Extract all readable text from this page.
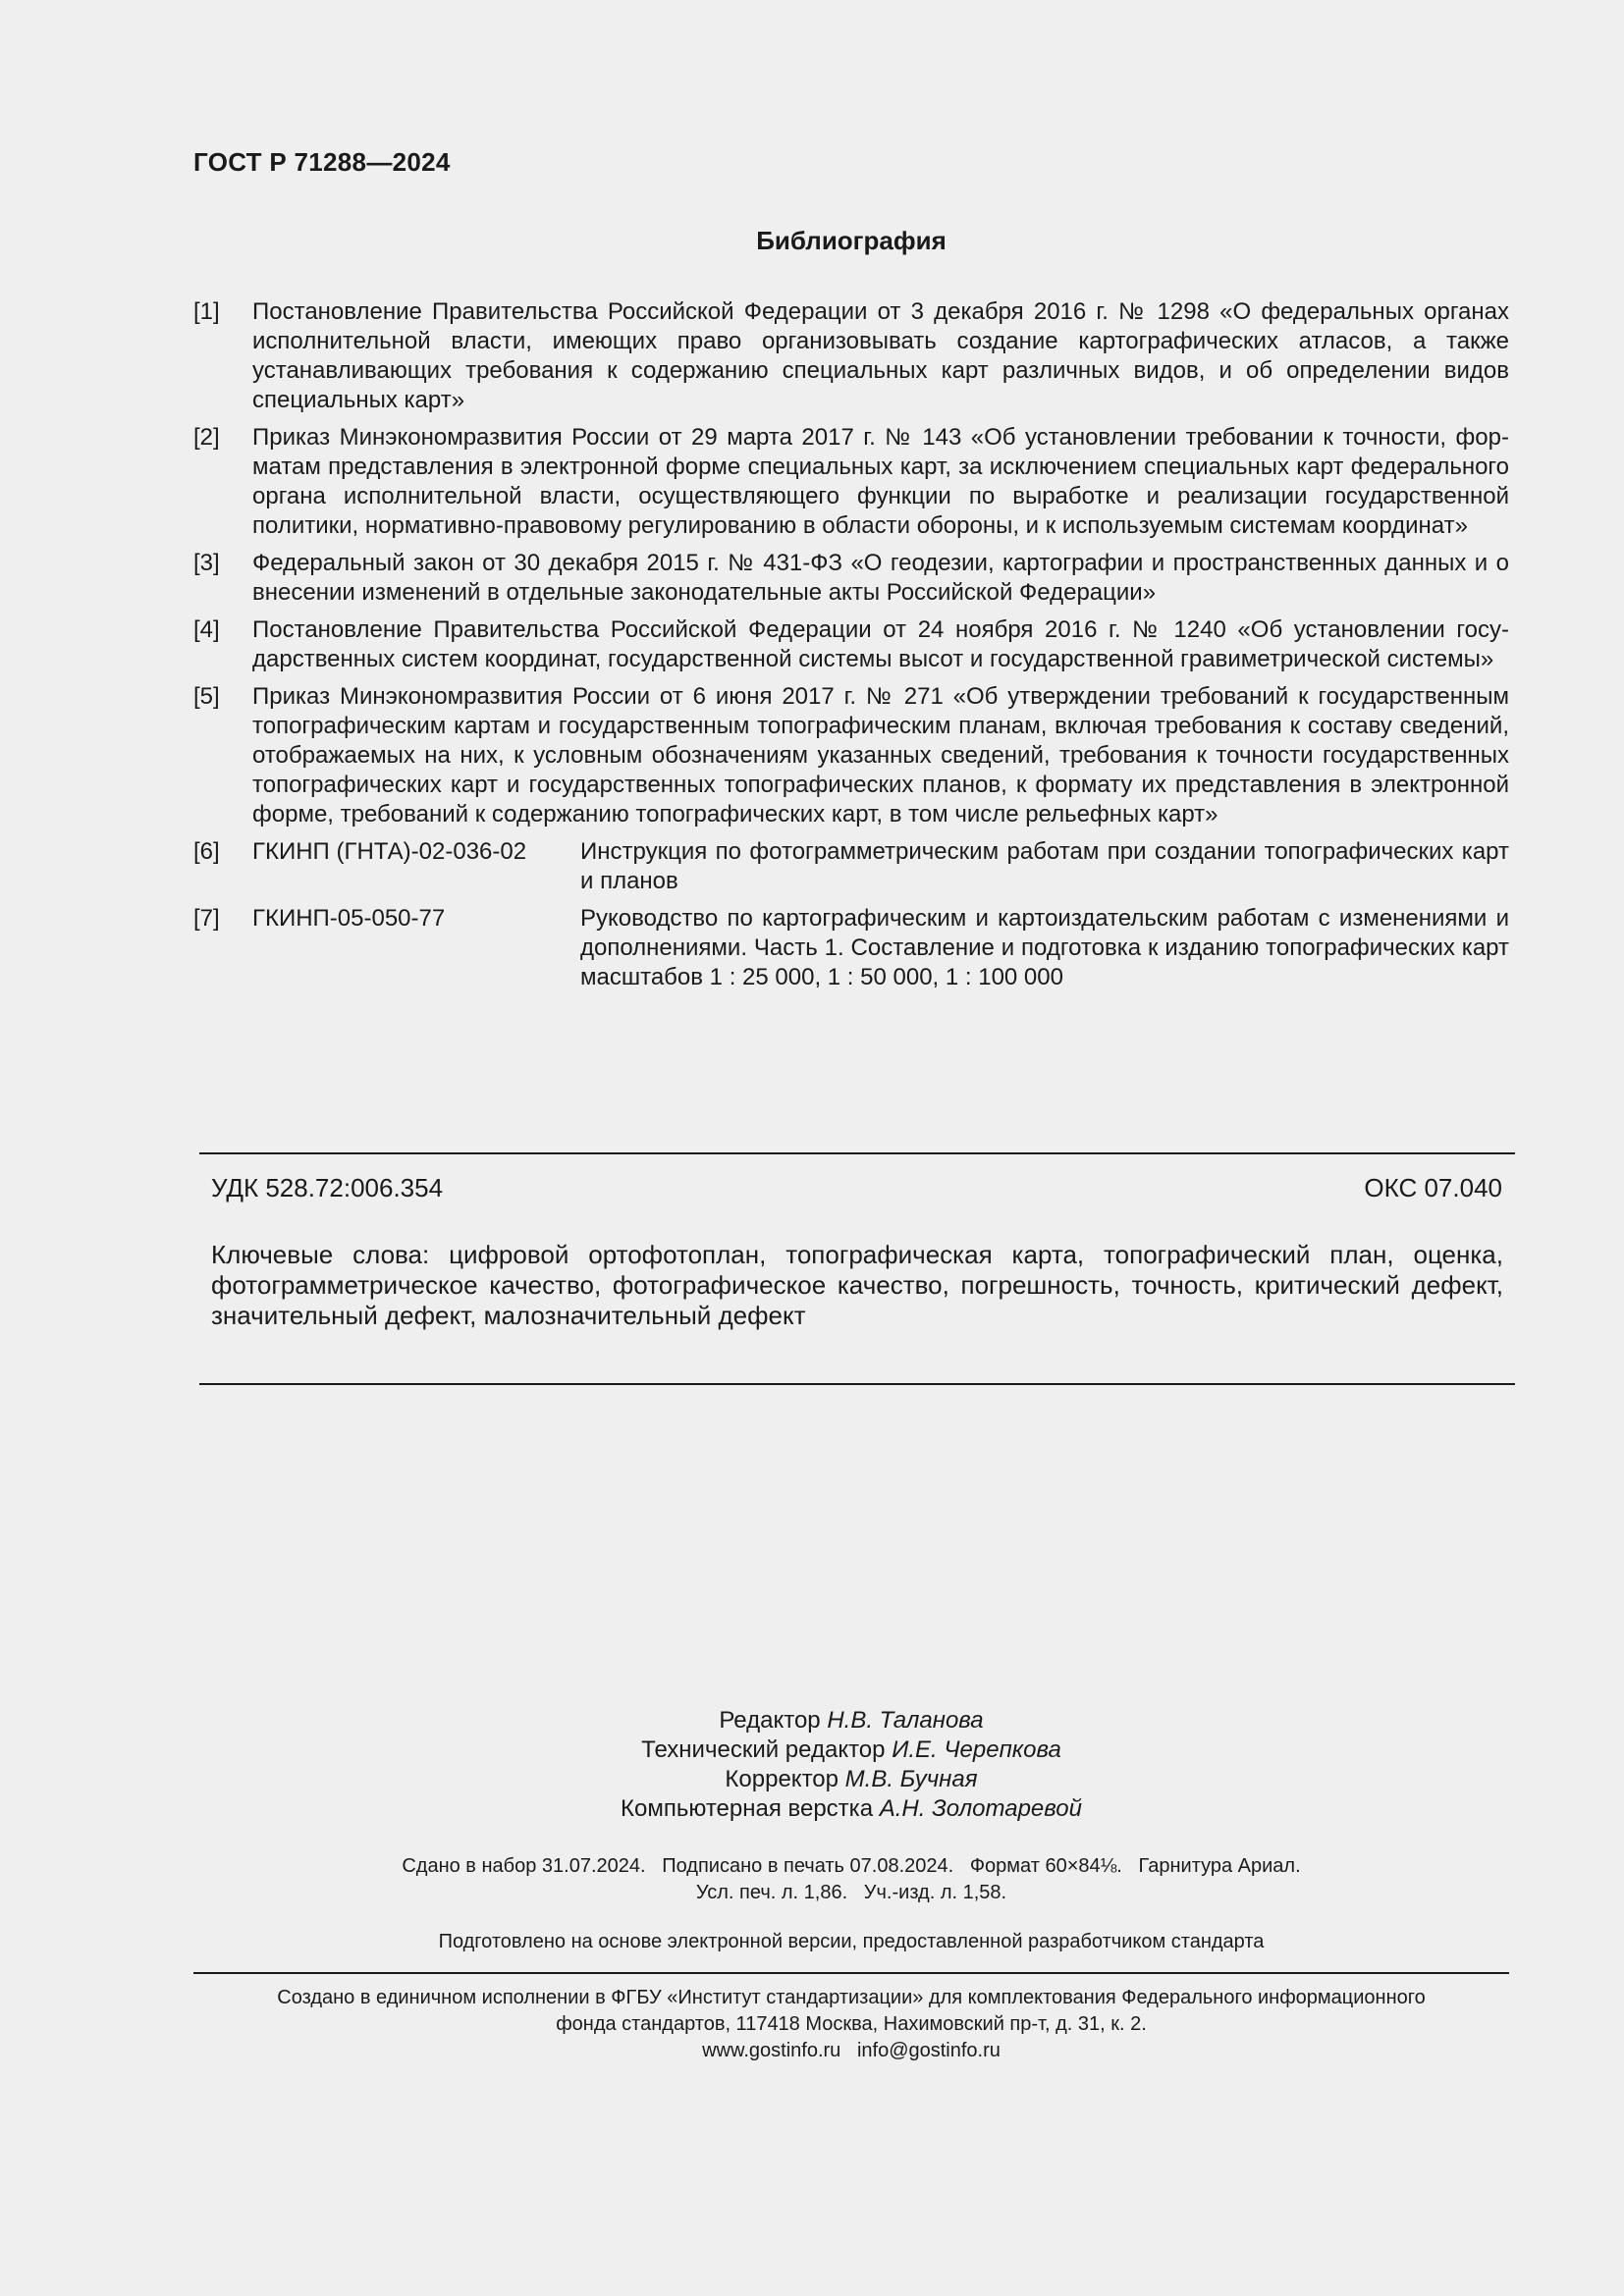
ГОСТ Р 71288—2024
Библиография
[1]	Постановление Правительства Российской Федерации от 3 декабря 2016 г. № 1298 «О федеральных органах исполнительной власти, имеющих право организовывать создание картографических атласов, а также устанавливающих требования к содержанию специальных карт различных видов, и об определении видов специальных карт»
[2]	Приказ Минэкономразвития России от 29 марта 2017 г. № 143 «Об установлении требовании к точности, форматам представления в электронной форме специальных карт, за исключением специальных карт федерального органа исполнительной власти, осуществляющего функции по выработке и реализации государственной политики, нормативно-правовому регулированию в области обороны, и к используемым системам координат»
[3]	Федеральный закон от 30 декабря 2015 г. № 431-ФЗ «О геодезии, картографии и пространственных данных и о внесении изменений в отдельные законодательные акты Российской Федерации»
[4]	Постановление Правительства Российской Федерации от 24 ноября 2016 г. № 1240 «Об установлении государственных систем координат, государственной системы высот и государственной гравиметрической системы»
[5]	Приказ Минэкономразвития России от 6 июня 2017 г. № 271 «Об утверждении требований к государственным топографическим картам и государственным топографическим планам, включая требования к составу сведений, отображаемых на них, к условным обозначениям указанных сведений, требования к точности государственных топографических карт и государственных топографических планов, к формату их представления в электронной форме, требований к содержанию топографических карт, в том числе рельефных карт»
[6]	ГКИНП (ГНТА)-02-036-02	Инструкция по фотограмметрическим работам при создании топографических карт и планов
[7]	ГКИНП-05-050-77	Руководство по картографическим и картоиздательским работам с изменениями и дополнениями. Часть 1. Составление и подготовка к изданию топографических карт масштабов 1 : 25 000, 1 : 50 000, 1 : 100 000
УДК 528.72:006.354	ОКС 07.040
Ключевые слова: цифровой ортофотоплан, топографическая карта, топографический план, оценка, фотограмметрическое качество, фотографическое качество, погрешность, точность, критический дефект, значительный дефект, малозначительный дефект
Редактор Н.В. Таланова
Технический редактор И.Е. Черепкова
Корректор М.В. Бучная
Компьютерная верстка А.Н. Золотаревой
Сдано в набор 31.07.2024.   Подписано в печать 07.08.2024.   Формат 60×84⅛.   Гарнитура Ариал.
Усл. печ. л. 1,86.   Уч.-изд. л. 1,58.
Подготовлено на основе электронной версии, предоставленной разработчиком стандарта
Создано в единичном исполнении в ФГБУ «Институт стандартизации» для комплектования Федерального информационного
фонда стандартов, 117418 Москва, Нахимовский пр-т, д. 31, к. 2.
www.gostinfo.ru   info@gostinfo.ru
